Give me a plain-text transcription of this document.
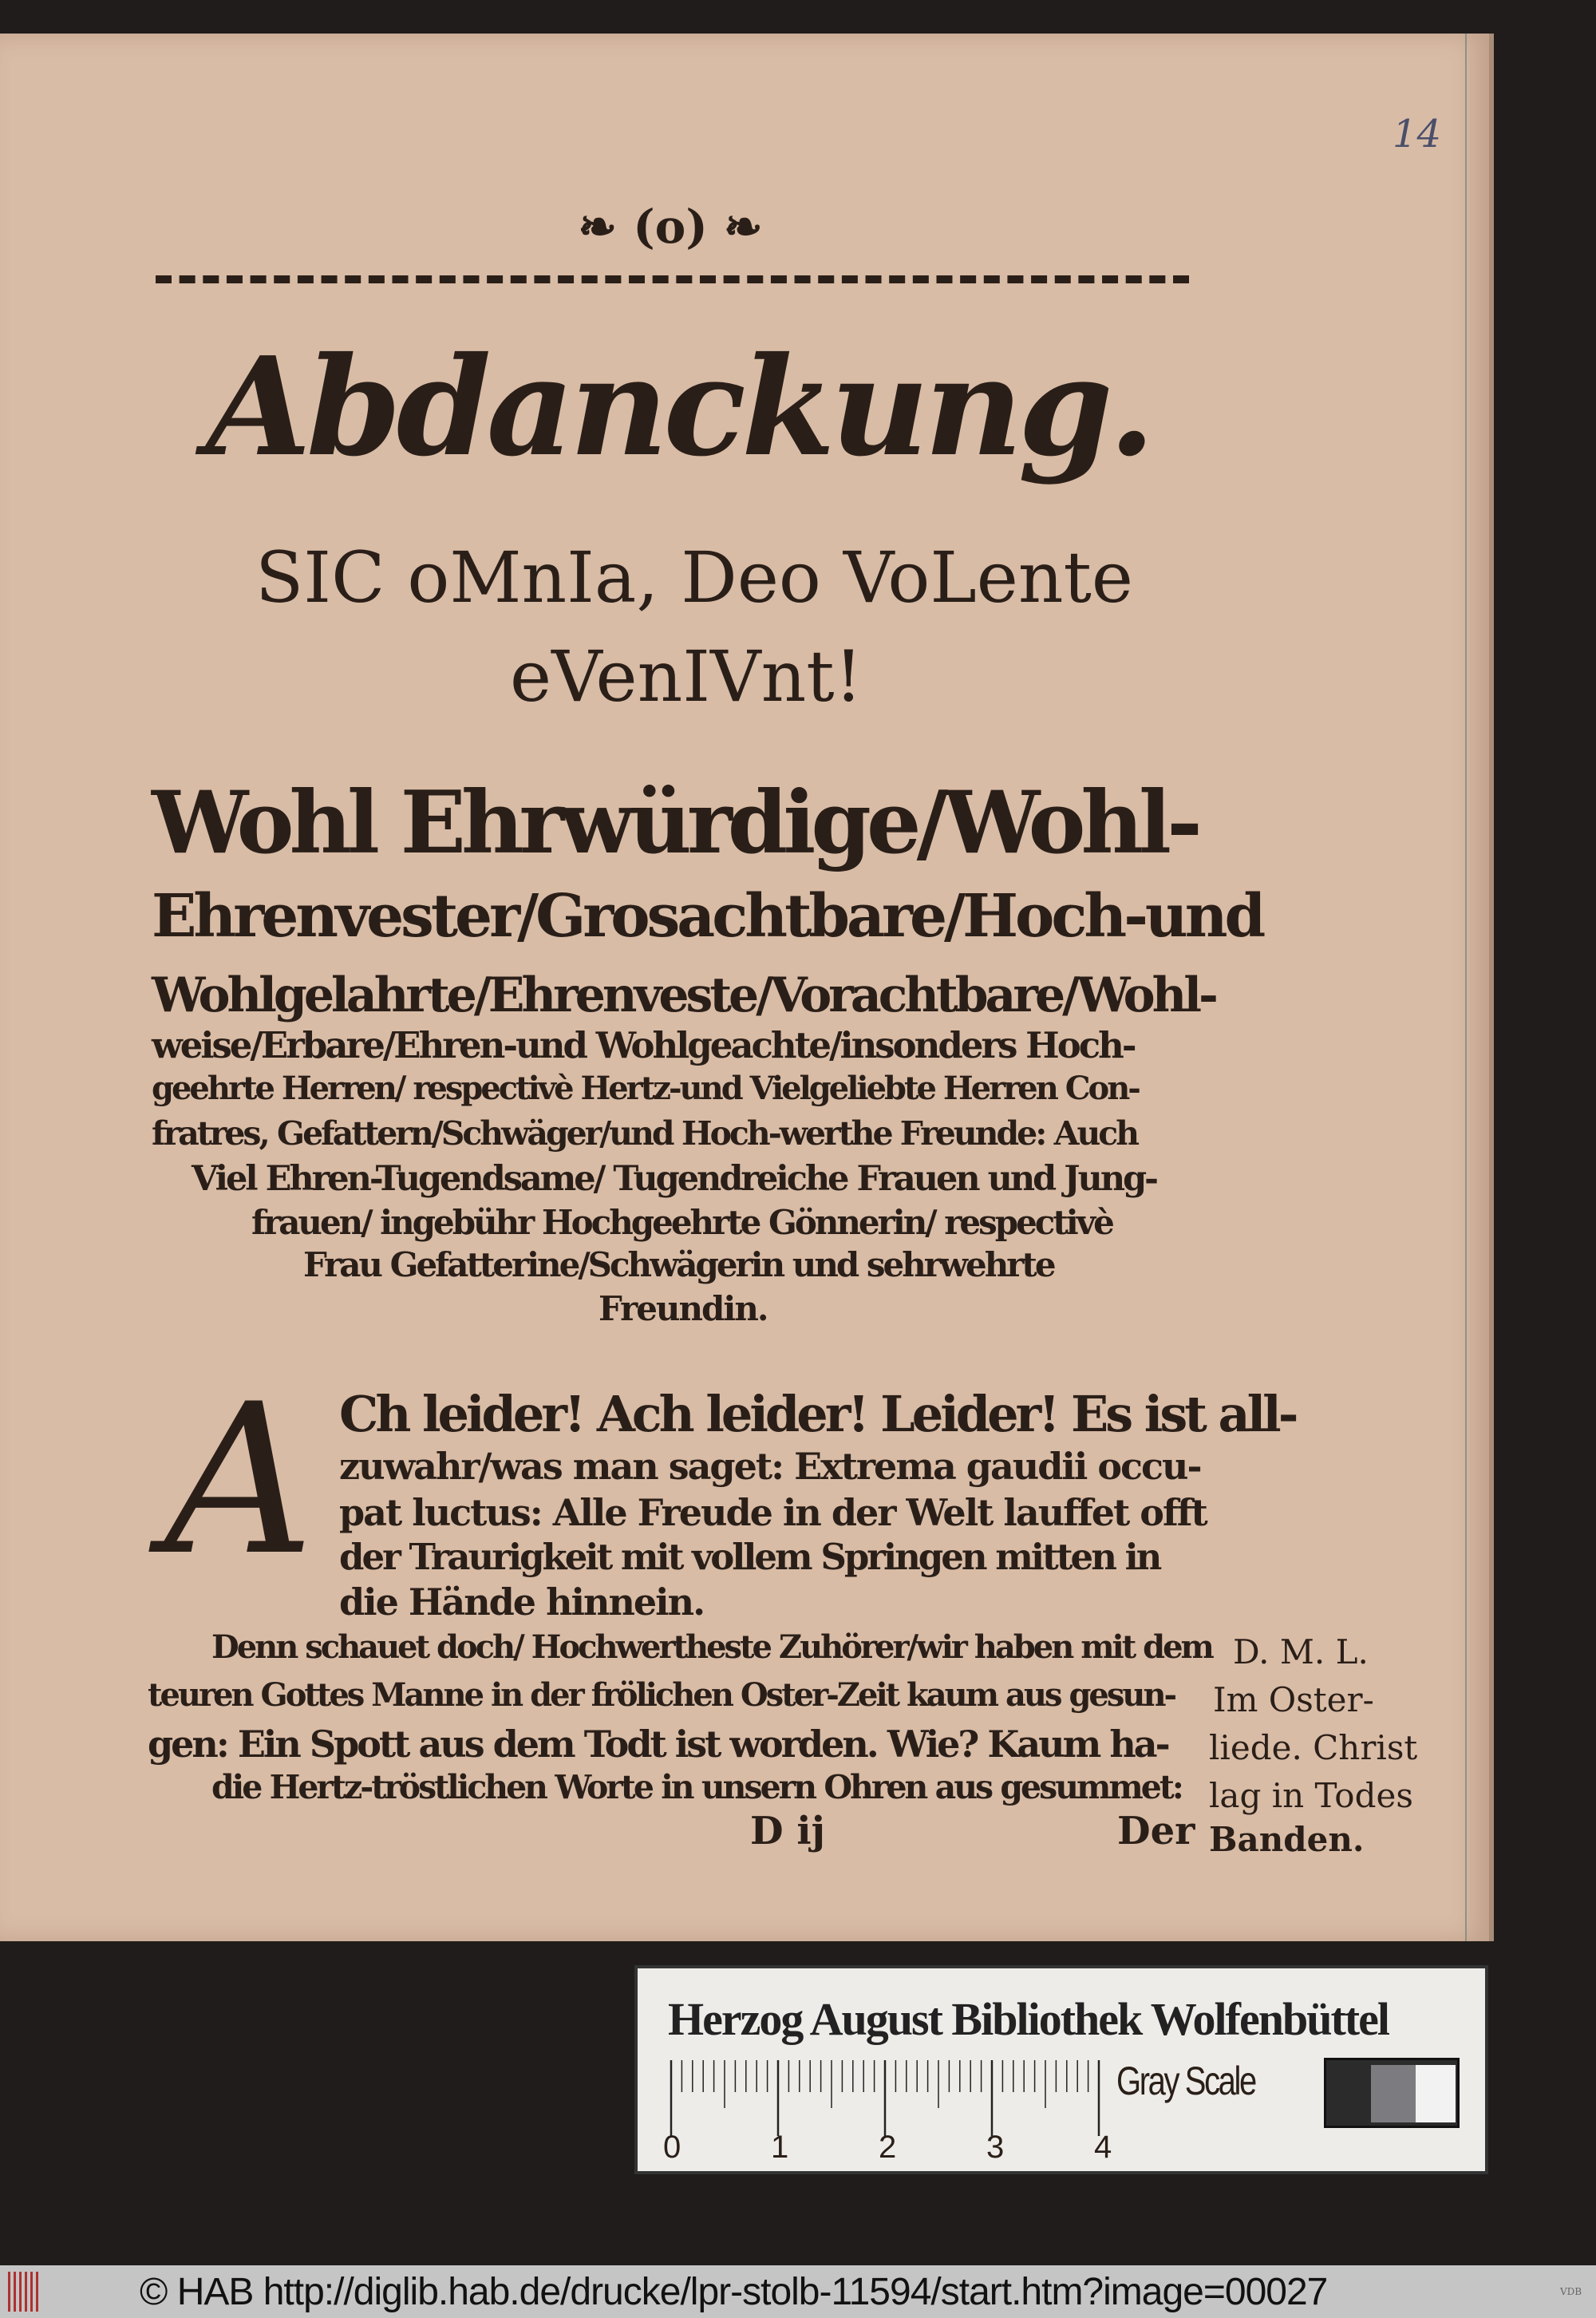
14
❧ (o) ❧
Abdanckung.
SIC oMnIa, Deo VoLente
eVenIVnt!
Wohl Ehrwürdige/Wohl-
Ehrenvester/Grosachtbare/Hoch-und
Wohlgelahrte/Ehrenveste/Vorachtbare/Wohl-
weise/Erbare/Ehren-und Wohlgeachte/insonders Hoch-
geehrte Herren/ respectivè Hertz-und Vielgeliebte Herren Con-
fratres, Gefattern/Schwäger/und Hoch-werthe Freunde: Auch
Viel Ehren-Tugendsame/ Tugendreiche Frauen und Jung-
frauen/ ingebühr Hochgeehrte Gönnerin/ respectivè
Frau Gefatterine/Schwägerin und sehrwehrte
Freundin.
A Ch leider! Ach leider! Leider! Es ist all-
zuwahr/was man saget: Extrema gaudii occu-
pat luctus: Alle Freude in der Welt lauffet offt
der Traurigkeit mit vollem Springen mitten in
die Hände hinnein.
Denn schauet doch/ Hochwertheste Zuhörer/wir haben mit dem
teuren Gottes Manne in der frölichen Oster-Zeit kaum aus gesun-
gen: Ein Spott aus dem Todt ist worden. Wie? Kaum ha-
die Hertz-tröstlichen Worte in unsern Ohren aus gesummet:
D ij	Der
D. M. L.
Im Oster-
liede. Christ
lag in Todes
Banden.
Herzog August Bibliothek Wolfenbüttel
0	1	2	3	4
Gray Scale
© HAB http://diglib.hab.de/drucke/lpr-stolb-11594/start.htm?image=00027	VDB
